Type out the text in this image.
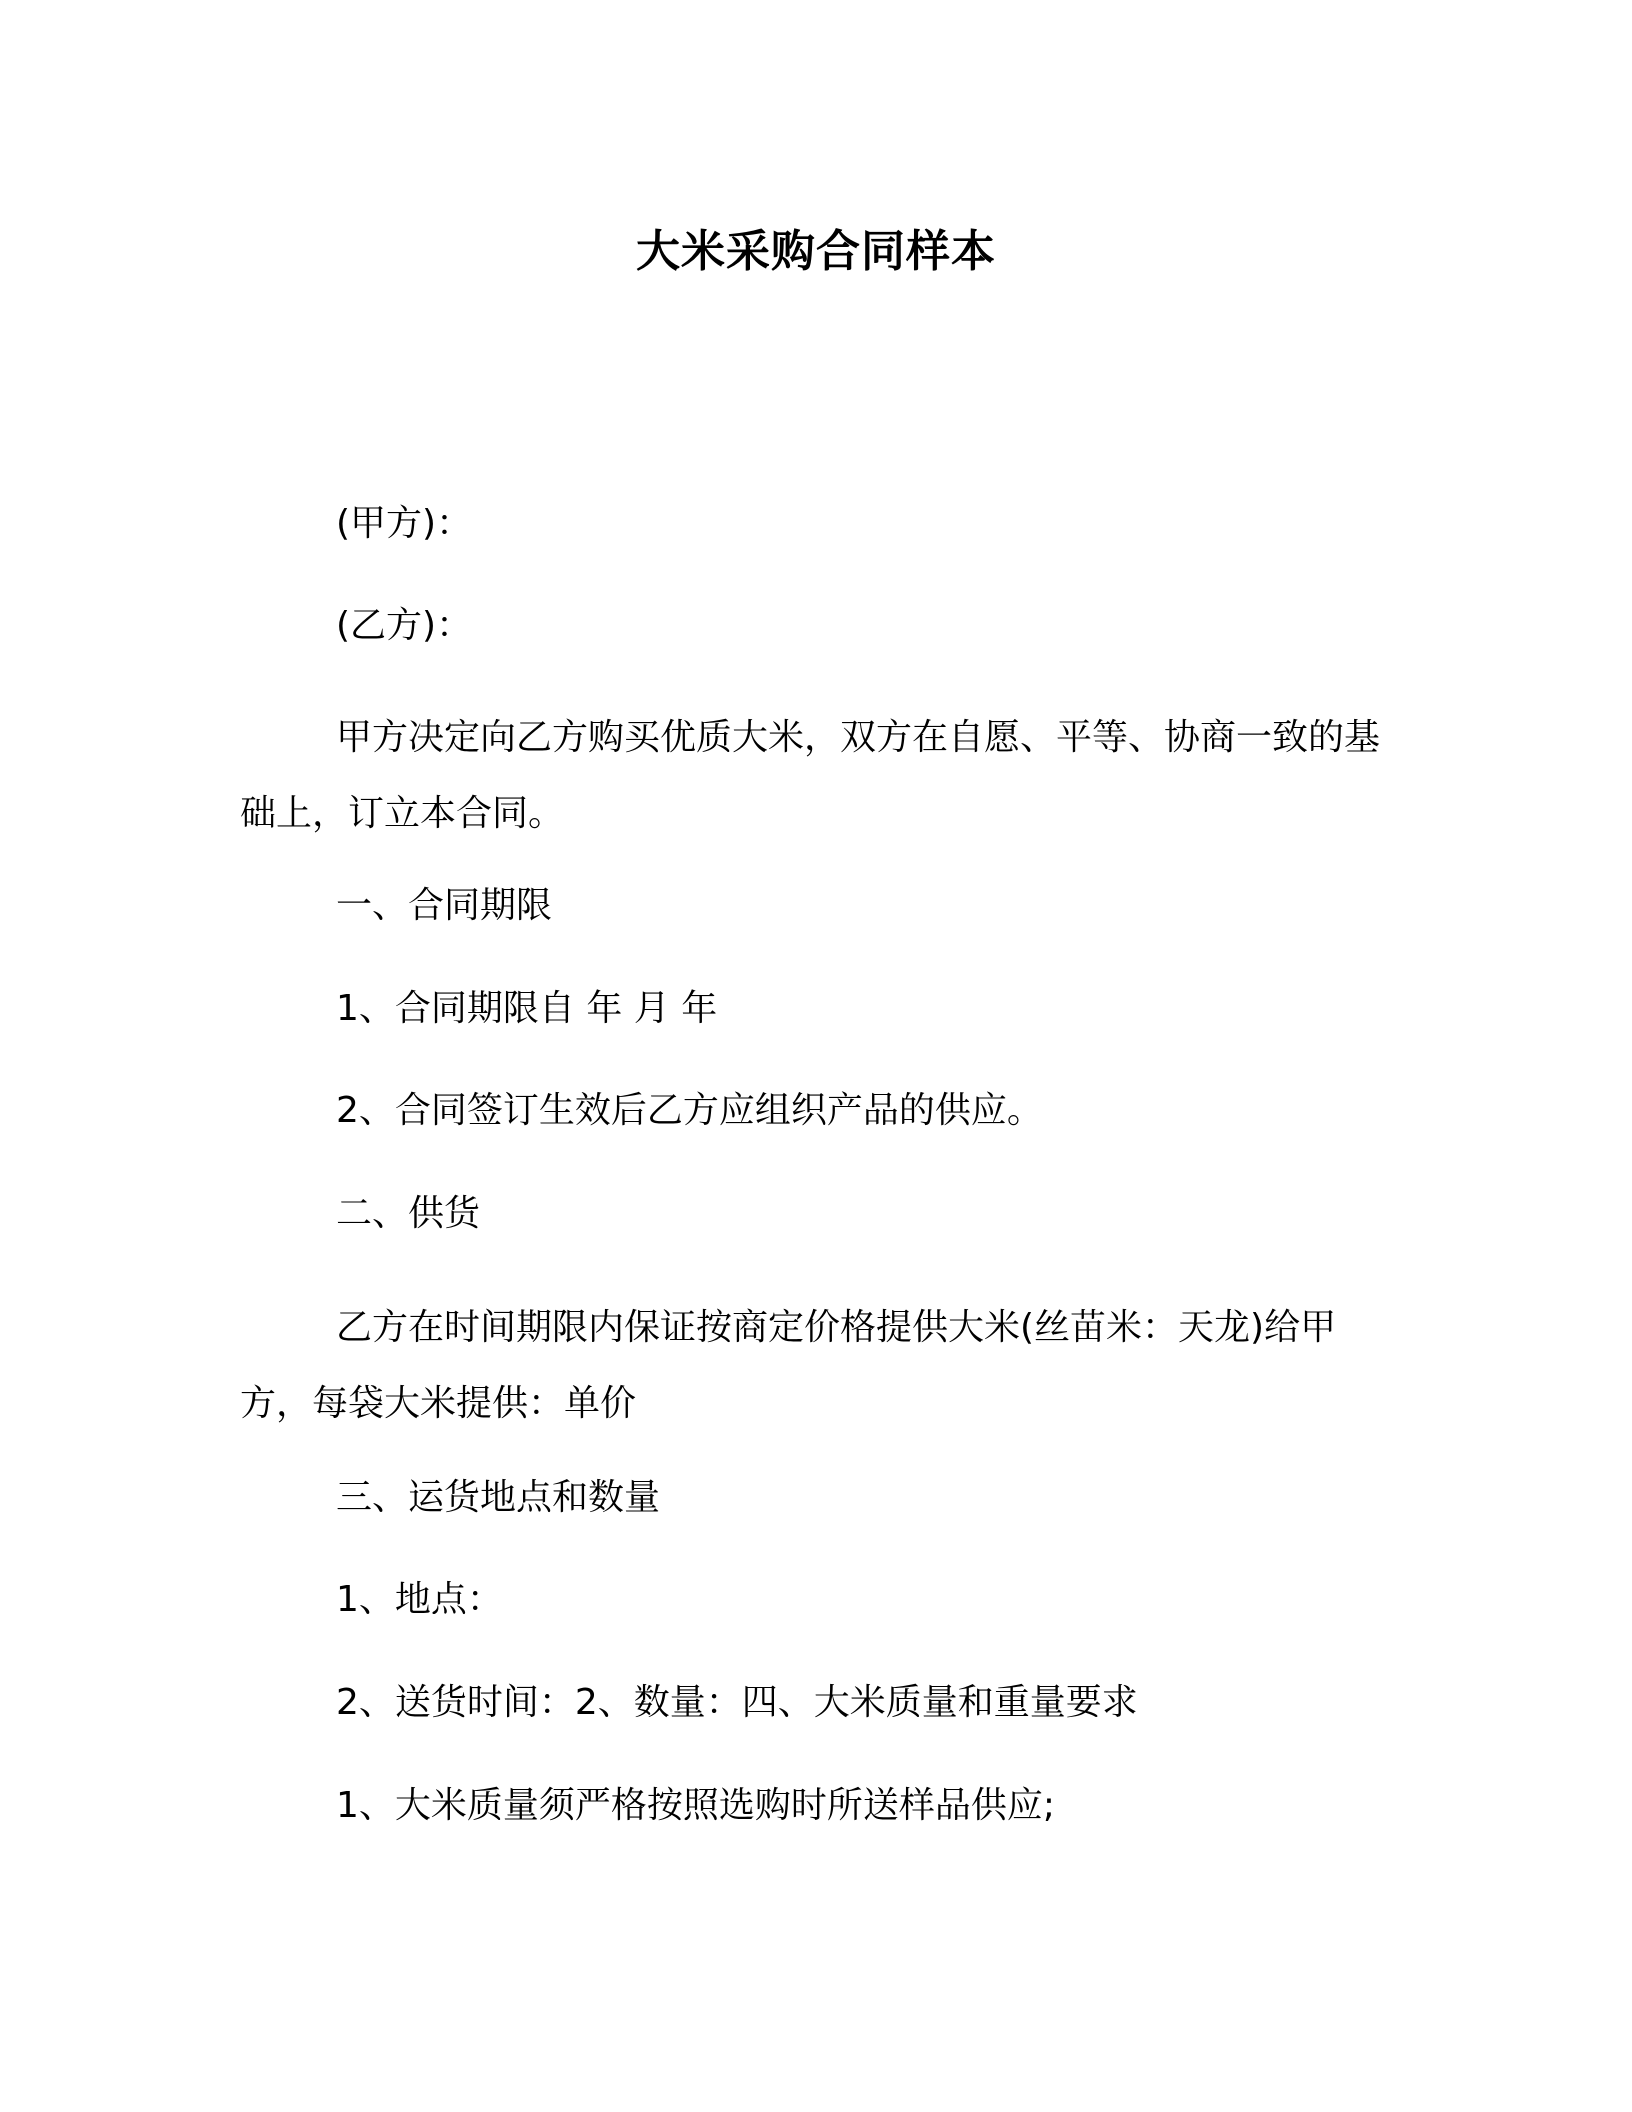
大米采购合同样本
(甲方)：
(乙方)：
甲方决定向乙方购买优质大米，双方在自愿、平等、协商一致的基础上，订立本合同。
一、合同期限
1、合同期限自 年 月 年
2、合同签订生效后乙方应组织产品的供应。
二、供货
乙方在时间期限内保证按商定价格提供大米(丝苗米：天龙)给甲方，每袋大米提供：单价
三、运货地点和数量
1、地点：
2、送货时间：2、数量：四、大米质量和重量要求
1、大米质量须严格按照选购时所送样品供应;
